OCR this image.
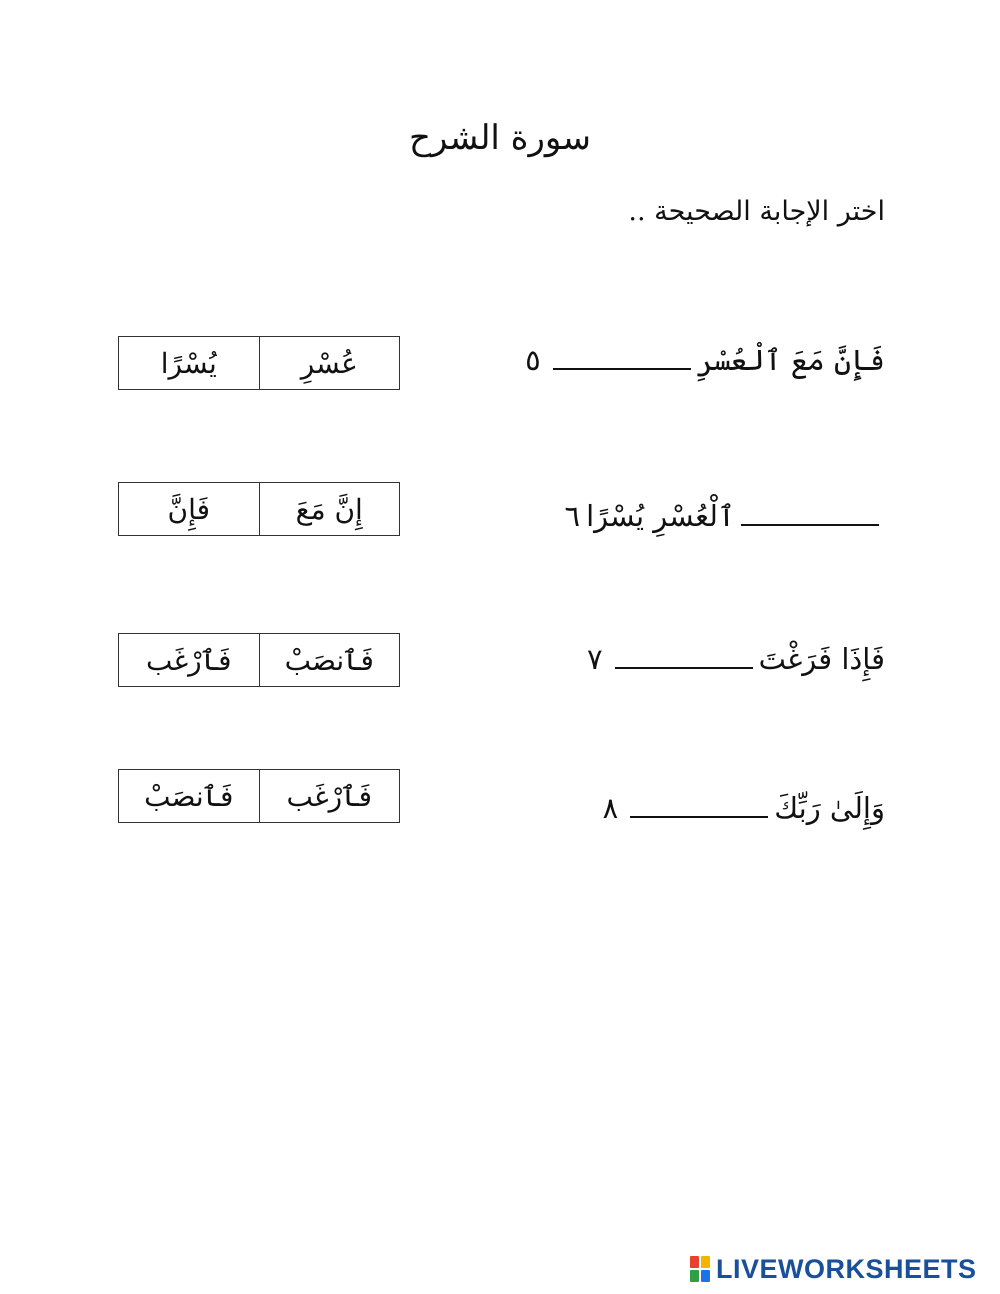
سورة الشرح
اختر الإجابة الصحيحة ..
فَإِنَّ مَعَ ٱلْعُسْرِ٥
يُسْرًا	عُسْرِ
ٱلْعُسْرِ يُسْرًا٦
فَإِنَّ	إِنَّ مَعَ
فَإِذَا فَرَغْتَ٧
فَٱرْغَب	فَٱنصَبْ
وَإِلَىٰ رَبِّكَ٨
فَٱنصَبْ	فَٱرْغَب
LIVEWORKSHEETS
